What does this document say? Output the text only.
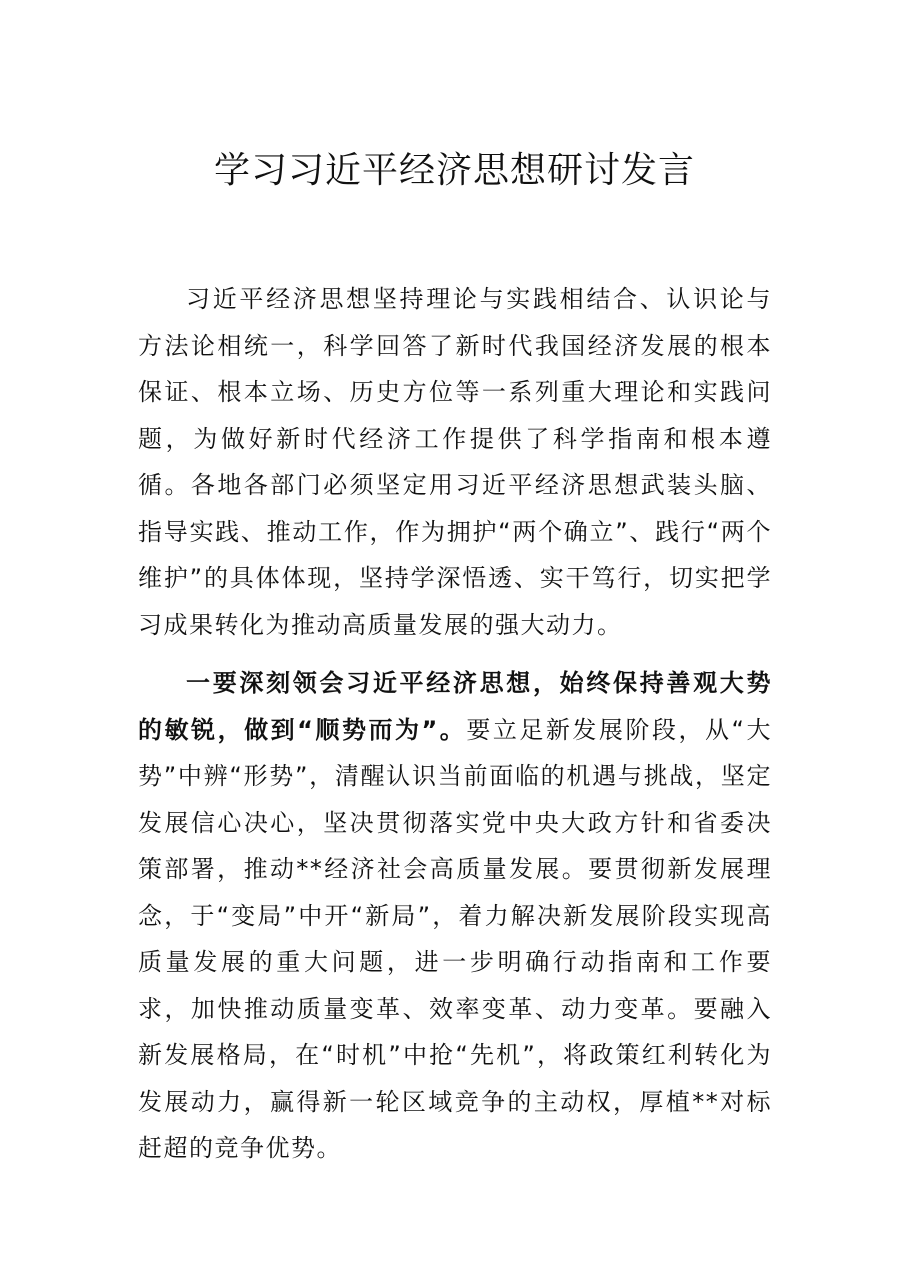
学习习近平经济思想研讨发言

习近平经济思想坚持理论与实践相结合、认识论与方法论相统一，科学回答了新时代我国经济发展的根本保证、根本立场、历史方位等一系列重大理论和实践问题，为做好新时代经济工作提供了科学指南和根本遵循。各地各部门必须坚定用习近平经济思想武装头脑、指导实践、推动工作，作为拥护“两个确立”、践行“两个维护”的具体体现，坚持学深悟透、实干笃行，切实把学习成果转化为推动高质量发展的强大动力。

一要深刻领会习近平经济思想，始终保持善观大势的敏锐，做到“顺势而为”。要立足新发展阶段，从“大势”中辨“形势”，清醒认识当前面临的机遇与挑战，坚定发展信心决心，坚决贯彻落实党中央大政方针和省委决策部署，推动**经济社会高质量发展。要贯彻新发展理念，于“变局”中开“新局”，着力解决新发展阶段实现高质量发展的重大问题，进一步明确行动指南和工作要求，加快推动质量变革、效率变革、动力变革。要融入新发展格局，在“时机”中抢“先机”，将政策红利转化为发展动力，赢得新一轮区域竞争的主动权，厚植**对标赶超的竞争优势。
